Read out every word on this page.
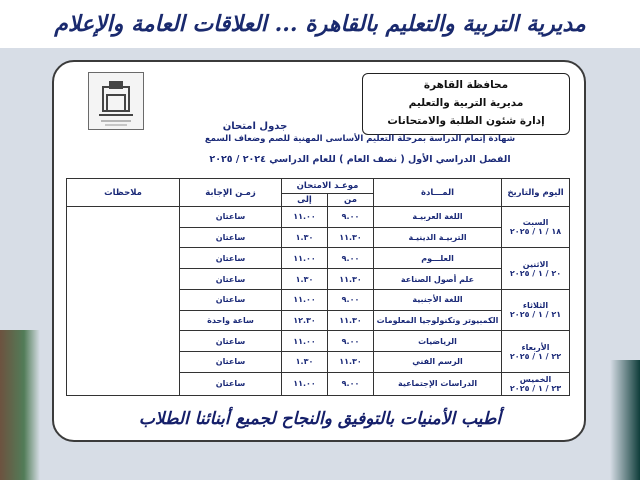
مديرية التربية والتعليم بالقاهرة ... العلاقات العامة والإعلام
محافظة القاهرة
مديرية التربية والتعليم
إدارة شئون الطلبة والامتحانات
جدول امتحان
شهادة إتمام الدراسة بمرحلة التعليم الأساسى المهنية للصم وضعاف السمع
الفصل الدراسي الأول ( نصف العام ) للعام الدراسي ٢٠٢٤ / ٢٠٢٥
اليوم والتاريخ	المـــادة	موعـد الامتحان		زمـن الإجابة	ملاحظات
		من	إلى		

السبت
١٨ / ١ / ٢٠٢٥	اللغة العربيـة	٩.٠٠	١١.٠٠	ساعتان	
	التربيـة الدينيـة	١١.٣٠	١.٣٠	ساعتان	

الاثنين
٢٠ / ١ / ٢٠٢٥	العلـــوم	٩.٠٠	١١.٠٠	ساعتان	
	علم أصول الصناعة	١١.٣٠	١.٣٠	ساعتان	

الثلاثاء
٢١ / ١ / ٢٠٢٥	اللغة الأجنبية	٩.٠٠	١١.٠٠	ساعتان	
	الكمبيوتر وتكنولوجيا المعلومات	١١.٣٠	١٢.٣٠	ساعة واحدة	

الأربعاء
٢٢ / ١ / ٢٠٢٥	الرياضيات	٩.٠٠	١١.٠٠	ساعتان	
	الرسم الفني	١١.٣٠	١.٣٠	ساعتان	

الخميس
٢٣ / ١ / ٢٠٢٥	الدراسات الإجتماعية	٩.٠٠	١١.٠٠	ساعتان	
أطيب الأمنيات بالتوفيق والنجاح لجميع أبنائنا الطلاب
